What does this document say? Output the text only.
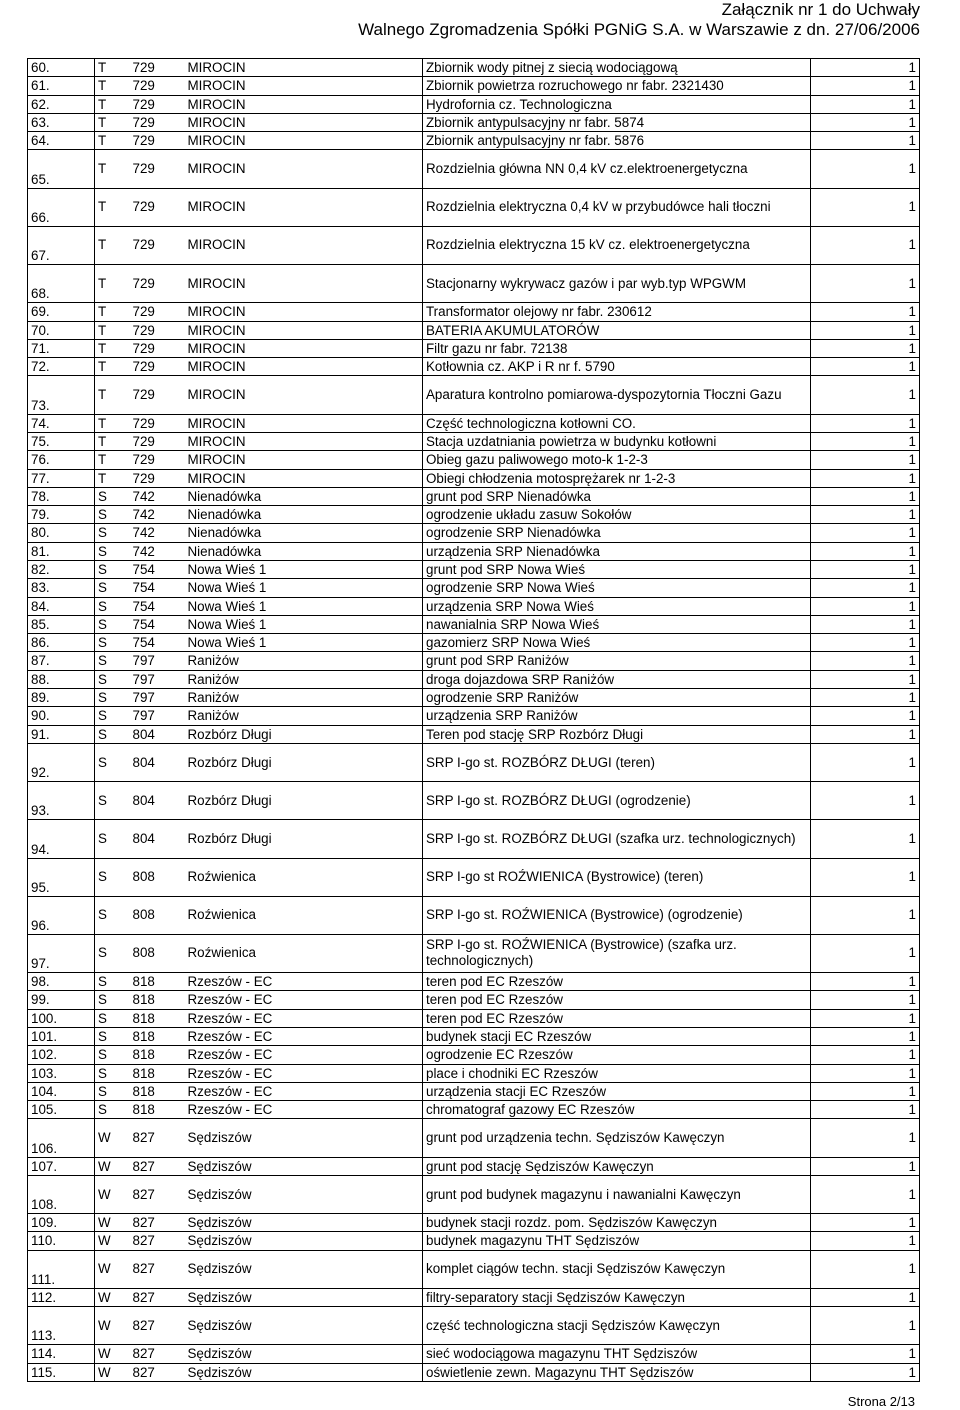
Załącznik nr 1 do Uchwały
Walnego Zgromadzenia Spółki PGNiG S.A. w Warszawie z dn. 27/06/2006
60.	T	729	MIROCIN	Zbiornik wody pitnej z siecią wodociągową	1
61.	T	729	MIROCIN	Zbiornik powietrza rozruchowego nr fabr. 2321430	1
62.	T	729	MIROCIN	Hydrofornia cz. Technologiczna	1
63.	T	729	MIROCIN	Zbiornik antypulsacyjny nr fabr. 5874	1
64.	T	729	MIROCIN	Zbiornik antypulsacyjny nr fabr. 5876	1
65.	T	729	MIROCIN	Rozdzielnia główna NN 0,4 kV cz.elektroenergetyczna	1
66.	T	729	MIROCIN	Rozdzielnia elektryczna 0,4 kV w przybudówce hali tłoczni	1
67.	T	729	MIROCIN	Rozdzielnia elektryczna 15 kV cz. elektroenergetyczna	1
68.	T	729	MIROCIN	Stacjonarny wykrywacz gazów i par wyb.typ WPGWM	1
69.	T	729	MIROCIN	Transformator olejowy nr fabr. 230612	1
70.	T	729	MIROCIN	BATERIA AKUMULATORÓW	1
71.	T	729	MIROCIN	Filtr gazu nr fabr. 72138	1
72.	T	729	MIROCIN	Kotłownia cz. AKP i R nr f. 5790	1
73.	T	729	MIROCIN	Aparatura kontrolno pomiarowa-dyspozytornia Tłoczni Gazu	1
74.	T	729	MIROCIN	Część technologiczna kotłowni CO.	1
75.	T	729	MIROCIN	Stacja uzdatniania powietrza w budynku kotłowni	1
76.	T	729	MIROCIN	Obieg gazu paliwowego moto-k 1-2-3	1
77.	T	729	MIROCIN	Obiegi chłodzenia motosprężarek nr 1-2-3	1
78.	S	742	Nienadówka	grunt pod SRP Nienadówka	1
79.	S	742	Nienadówka	ogrodzenie układu zasuw Sokołów	1
80.	S	742	Nienadówka	ogrodzenie SRP Nienadówka	1
81.	S	742	Nienadówka	urządzenia SRP Nienadówka	1
82.	S	754	Nowa Wieś 1	grunt pod SRP Nowa Wieś	1
83.	S	754	Nowa Wieś 1	ogrodzenie SRP Nowa Wieś	1
84.	S	754	Nowa Wieś 1	urządzenia SRP Nowa Wieś	1
85.	S	754	Nowa Wieś 1	nawanialnia SRP Nowa Wieś	1
86.	S	754	Nowa Wieś 1	gazomierz SRP Nowa Wieś	1
87.	S	797	Raniżów	grunt pod SRP Raniżów	1
88.	S	797	Raniżów	droga dojazdowa SRP Raniżów	1
89.	S	797	Raniżów	ogrodzenie SRP Raniżów	1
90.	S	797	Raniżów	urządzenia SRP Raniżów	1
91.	S	804	Rozbórz Długi	Teren pod stację SRP Rozbórz Długi	1
92.	S	804	Rozbórz Długi	SRP I-go st. ROZBÓRZ DŁUGI (teren)	1
93.	S	804	Rozbórz Długi	SRP I-go st. ROZBÓRZ DŁUGI (ogrodzenie)	1
94.	S	804	Rozbórz Długi	SRP I-go st. ROZBÓRZ DŁUGI (szafka urz. technologicznych)	1
95.	S	808	Roźwienica	SRP I-go st ROŹWIENICA (Bystrowice) (teren)	1
96.	S	808	Roźwienica	SRP I-go st. ROŹWIENICA (Bystrowice) (ogrodzenie)	1
97.	S	808	Roźwienica	SRP I-go st. ROŹWIENICA (Bystrowice) (szafka urz. technologicznych)	1
98.	S	818	Rzeszów - EC	teren pod EC Rzeszów	1
99.	S	818	Rzeszów - EC	teren pod EC Rzeszów	1
100.	S	818	Rzeszów - EC	teren pod EC Rzeszów	1
101.	S	818	Rzeszów - EC	budynek stacji EC Rzeszów	1
102.	S	818	Rzeszów - EC	ogrodzenie EC Rzeszów	1
103.	S	818	Rzeszów - EC	place i chodniki EC Rzeszów	1
104.	S	818	Rzeszów - EC	urządzenia stacji EC Rzeszów	1
105.	S	818	Rzeszów - EC	chromatograf gazowy EC Rzeszów	1
106.	W	827	Sędziszów	grunt pod urządzenia techn. Sędziszów Kawęczyn	1
107.	W	827	Sędziszów	grunt pod stację Sędziszów Kawęczyn	1
108.	W	827	Sędziszów	grunt pod budynek magazynu i nawanialni Kawęczyn	1
109.	W	827	Sędziszów	budynek stacji rozdz. pom. Sędziszów Kawęczyn	1
110.	W	827	Sędziszów	budynek magazynu THT Sędziszów	1
111.	W	827	Sędziszów	komplet ciągów techn. stacji Sędziszów Kawęczyn	1
112.	W	827	Sędziszów	filtry-separatory stacji Sędziszów Kawęczyn	1
113.	W	827	Sędziszów	część technologiczna stacji Sędziszów Kawęczyn	1
114.	W	827	Sędziszów	sieć wodociągowa magazynu THT Sędziszów	1
115.	W	827	Sędziszów	oświetlenie zewn. Magazynu THT Sędziszów	1
Strona 2/13
